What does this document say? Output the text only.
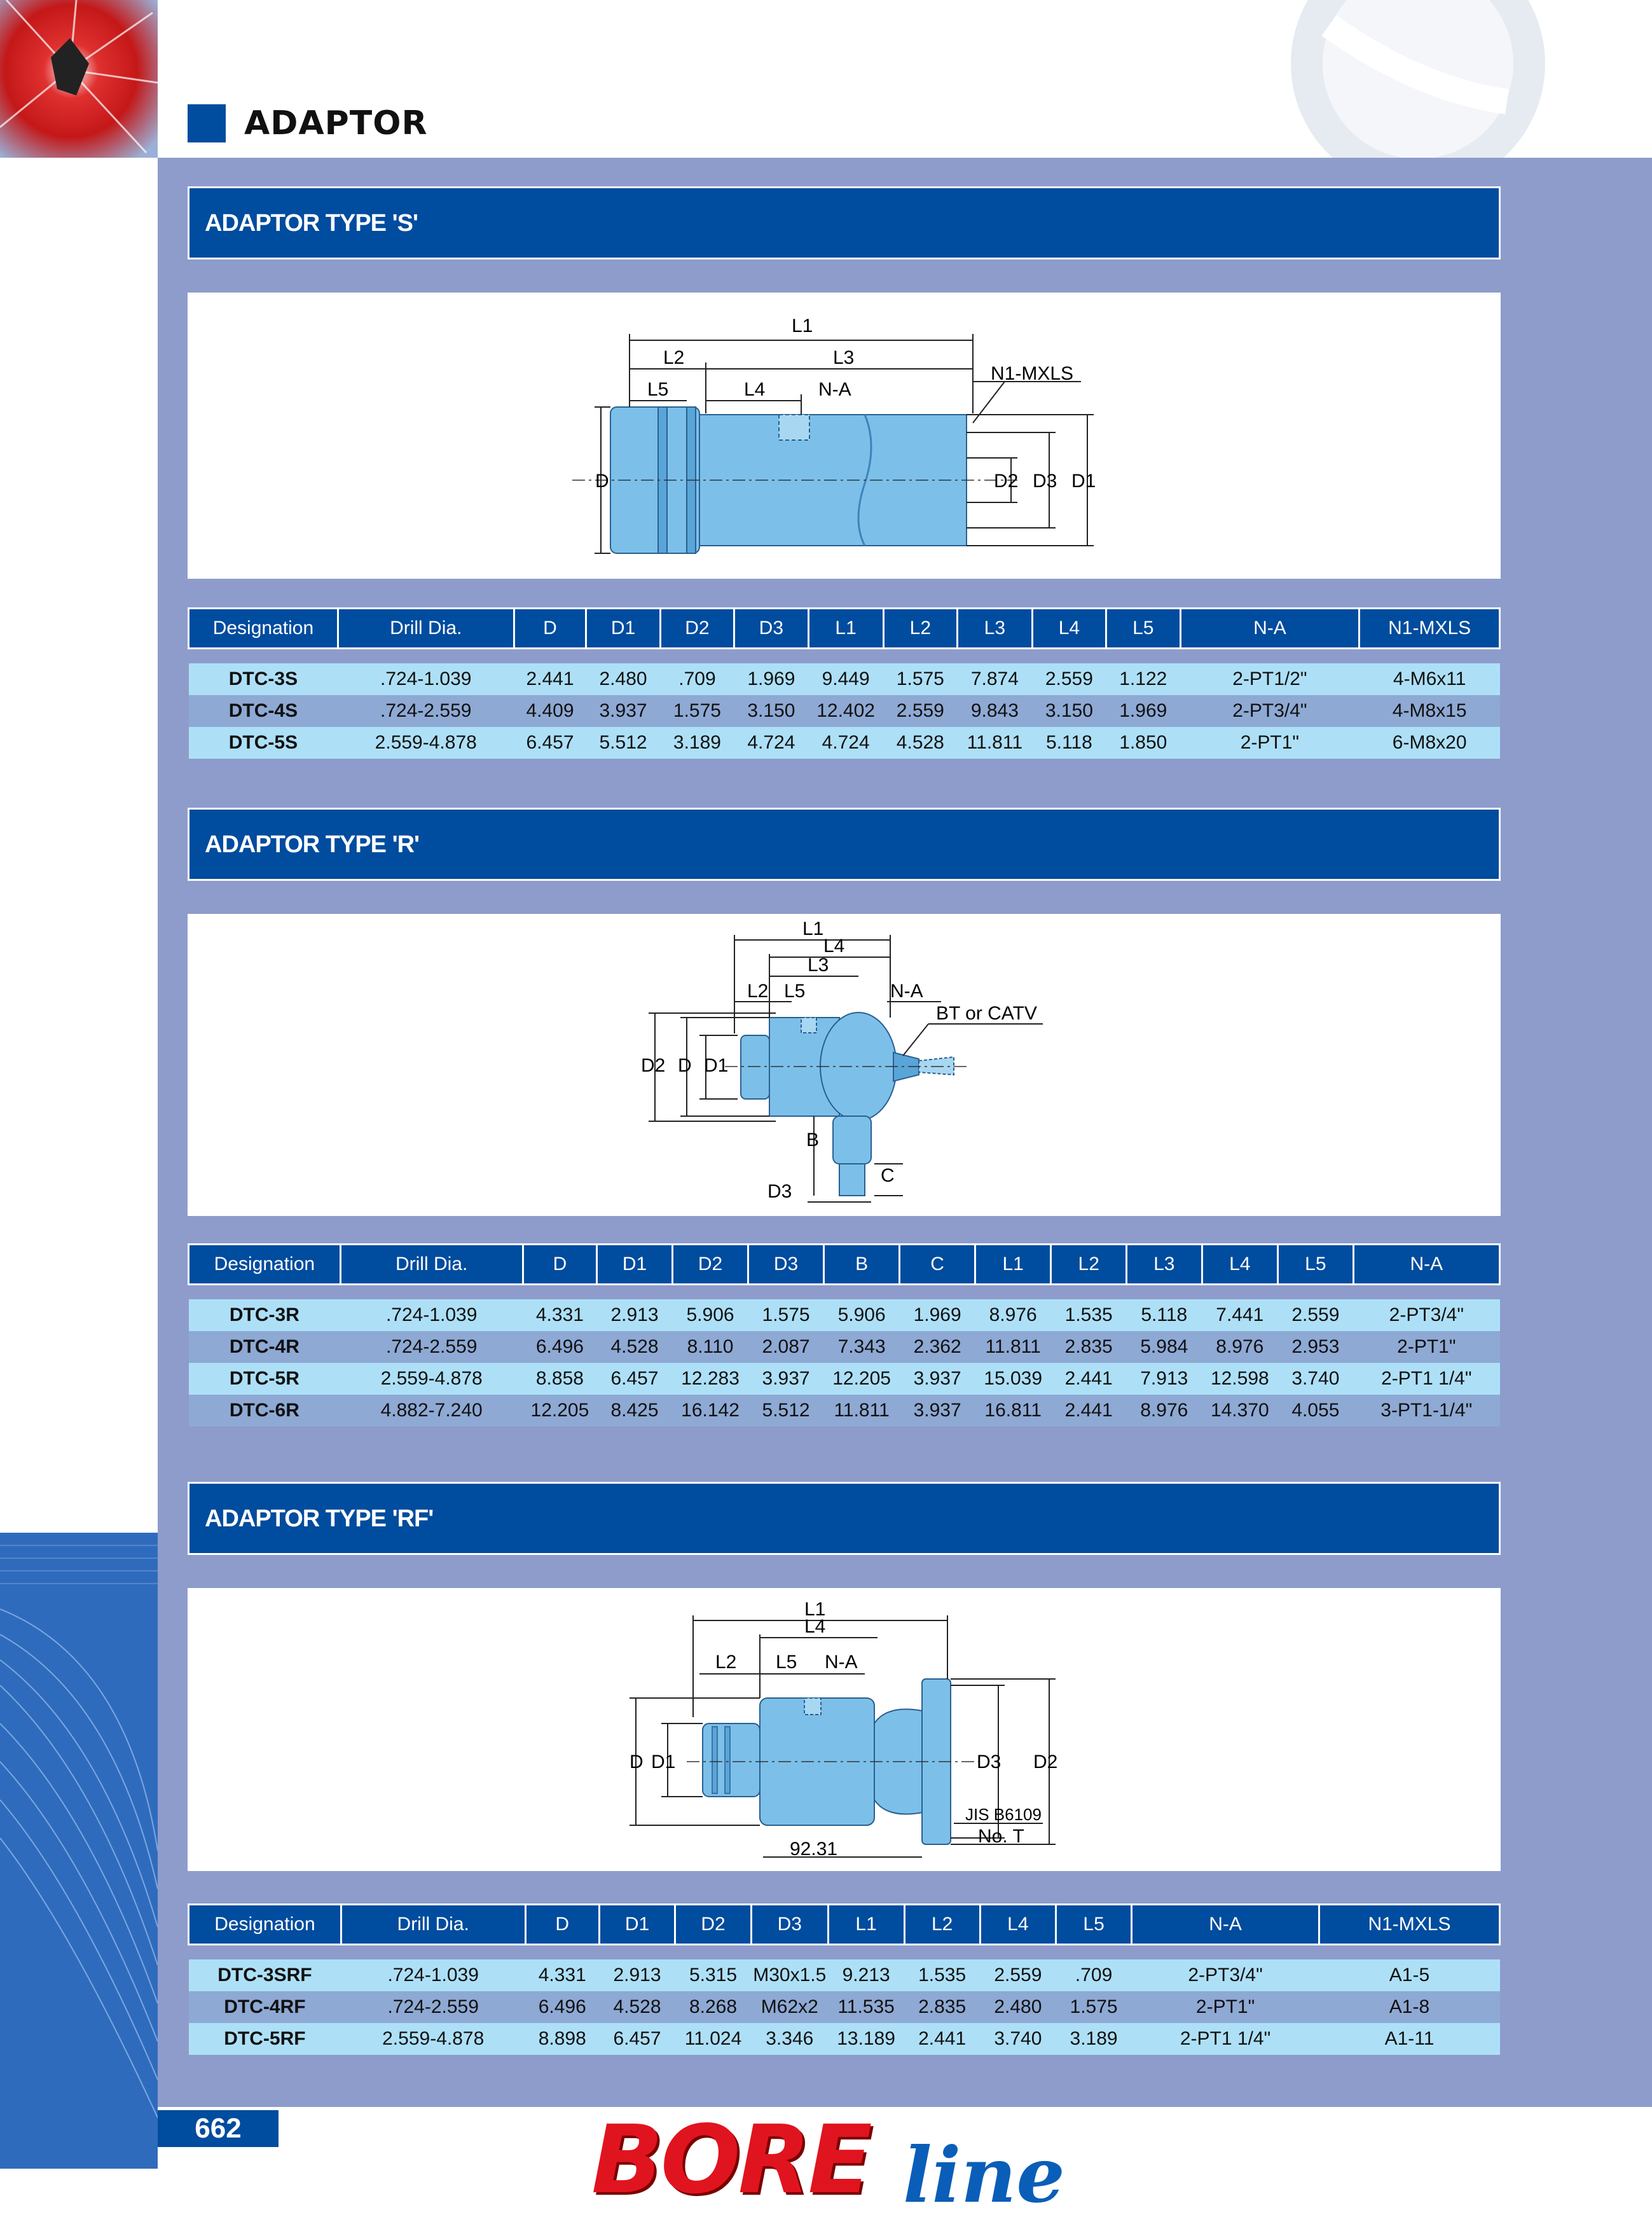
ADAPTOR
ADAPTOR TYPE 'S'
L1
L2	L3
L5	L4	N-A
N1-MXLS
D	D2 D3 D1
Designation	Drill Dia.	D	D1	D2	D3	L1	L2	L3	L4	L5	N-A	N1-MXLS

DTC-3S	.724-1.039	2.441	2.480	.709	1.969	9.449	1.575	7.874	2.559	1.122	2-PT1/2"	4-M6x11
DTC-4S	.724-2.559	4.409	3.937	1.575	3.150	12.402	2.559	9.843	3.150	1.969	2-PT3/4"	4-M8x15
DTC-5S	2.559-4.878	6.457	5.512	3.189	4.724	4.724	4.528	11.811	5.118	1.850	2-PT1"	6-M8x20
ADAPTOR TYPE 'R'
L1
L4
L3
L2 L5	N-A
BT or CATV
D2 D D1
B
C
D3
Designation	Drill Dia.	D	D1	D2	D3	B	C	L1	L2	L3	L4	L5	N-A

DTC-3R	.724-1.039	4.331	2.913	5.906	1.575	5.906	1.969	8.976	1.535	5.118	7.441	2.559	2-PT3/4"
DTC-4R	.724-2.559	6.496	4.528	8.110	2.087	7.343	2.362	11.811	2.835	5.984	8.976	2.953	2-PT1"
DTC-5R	2.559-4.878	8.858	6.457	12.283	3.937	12.205	3.937	15.039	2.441	7.913	12.598	3.740	2-PT1 1/4"
DTC-6R	4.882-7.240	12.205	8.425	16.142	5.512	11.811	3.937	16.811	2.441	8.976	14.370	4.055	3-PT1-1/4"
ADAPTOR TYPE 'RF'
L1
L4
L2 L5 N-A
D D1	D3 D2
JIS B6109
No. T
92.31
Designation	Drill Dia.	D	D1	D2	D3	L1	L2	L4	L5	N-A	N1-MXLS

DTC-3SRF	.724-1.039	4.331	2.913	5.315	M30x1.5	9.213	1.535	2.559	.709	2-PT3/4"	A1-5
DTC-4RF	.724-2.559	6.496	4.528	8.268	M62x2	11.535	2.835	2.480	1.575	2-PT1"	A1-8
DTC-5RF	2.559-4.878	8.898	6.457	11.024	3.346	13.189	2.441	3.740	3.189	2-PT1 1/4"	A1-11
662	BORE line
